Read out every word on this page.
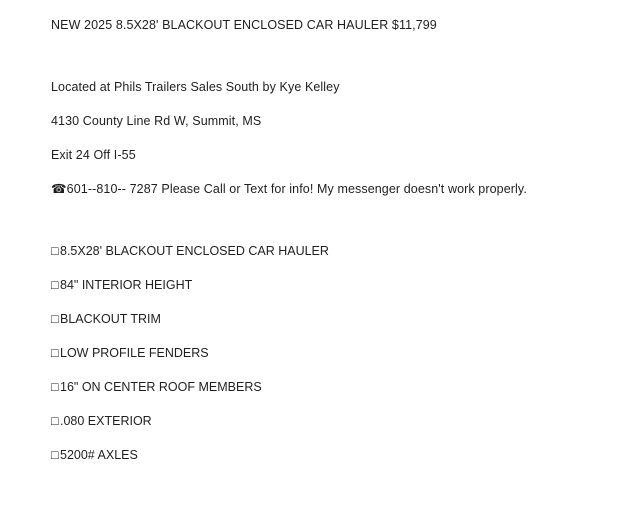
NEW 2025 8.5X28' BLACKOUT ENCLOSED CAR HAULER $11,799
Located at Phils Trailers Sales South by Kye Kelley
4130 County Line Rd W, Summit, MS
Exit 24 Off I-55
☎601--810-- 7287 Please Call or Text for info! My messenger doesn't work properly.
□8.5X28' BLACKOUT ENCLOSED CAR HAULER
□84" INTERIOR HEIGHT
□BLACKOUT TRIM
□LOW PROFILE FENDERS
□16" ON CENTER ROOF MEMBERS
□.080 EXTERIOR
□5200# AXLES
